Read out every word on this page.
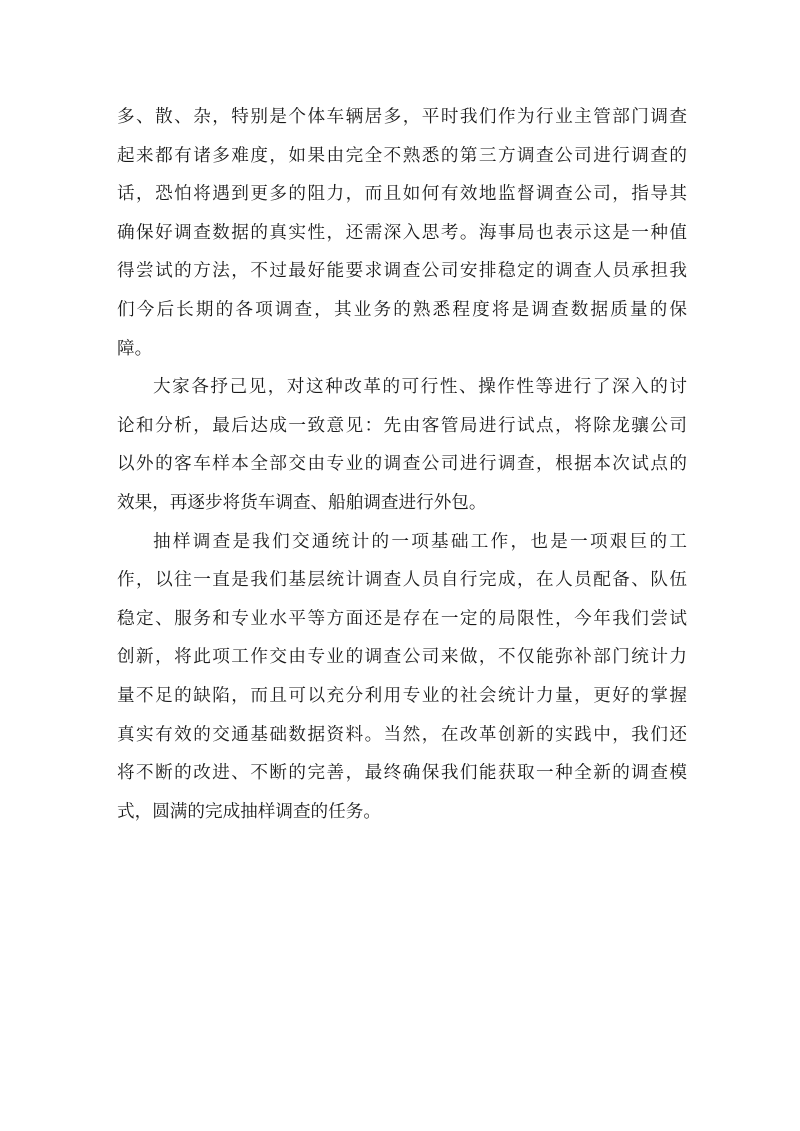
多、散、杂，特别是个体车辆居多，平时我们作为行业主管部门调查
起来都有诸多难度，如果由完全不熟悉的第三方调查公司进行调查的
话，恐怕将遇到更多的阻力，而且如何有效地监督调查公司，指导其
确保好调查数据的真实性，还需深入思考。海事局也表示这是一种值
得尝试的方法，不过最好能要求调查公司安排稳定的调查人员承担我
们今后长期的各项调查，其业务的熟悉程度将是调查数据质量的保
障。
大家各抒己见，对这种改革的可行性、操作性等进行了深入的讨
论和分析，最后达成一致意见：先由客管局进行试点，将除龙骧公司
以外的客车样本全部交由专业的调查公司进行调查，根据本次试点的
效果，再逐步将货车调查、船舶调查进行外包。
抽样调查是我们交通统计的一项基础工作，也是一项艰巨的工
作，以往一直是我们基层统计调查人员自行完成，在人员配备、队伍
稳定、服务和专业水平等方面还是存在一定的局限性，今年我们尝试
创新，将此项工作交由专业的调查公司来做，不仅能弥补部门统计力
量不足的缺陷，而且可以充分利用专业的社会统计力量，更好的掌握
真实有效的交通基础数据资料。当然，在改革创新的实践中，我们还
将不断的改进、不断的完善，最终确保我们能获取一种全新的调查模
式，圆满的完成抽样调查的任务。
